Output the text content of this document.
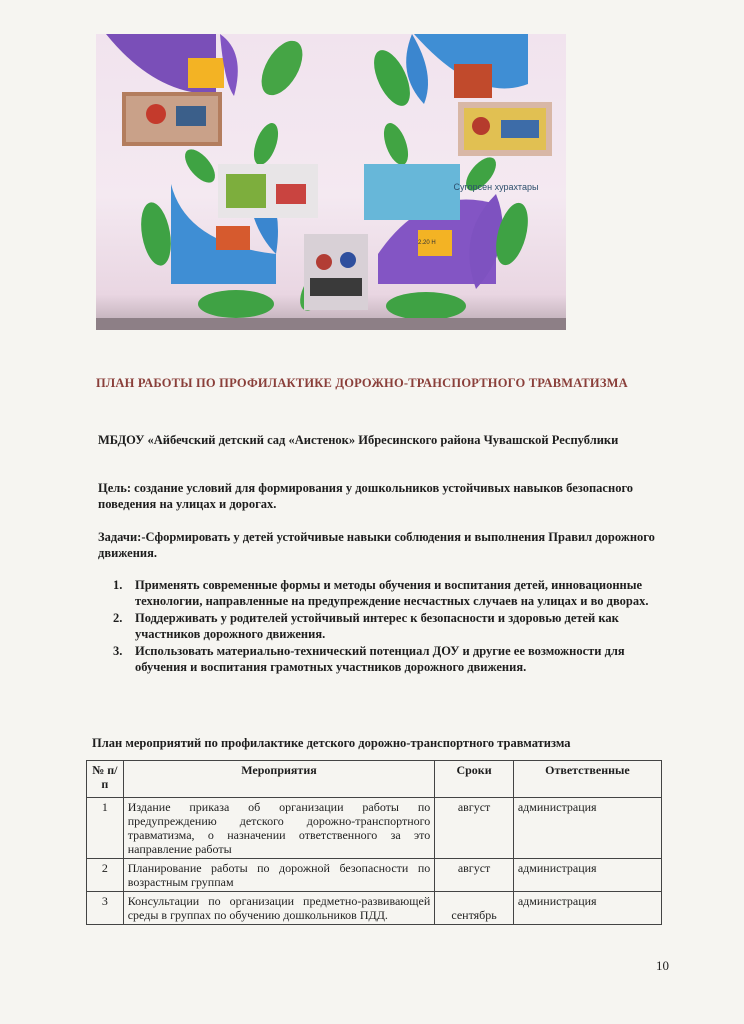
Сугорсен хурахтары
2.20 Н
ПЛАН РАБОТЫ ПО ПРОФИЛАКТИКЕ ДОРОЖНО-ТРАНСПОРТНОГО ТРАВМАТИЗМА
МБДОУ «Айбечский детский сад «Аистенок» Ибресинского района Чувашской Республики
Цель: создание условий для формирования у дошкольников устойчивых навыков безопасного поведения на улицах и дорогах.
Задачи:-Сформировать у детей устойчивые навыки соблюдения и выполнения Правил дорожного движения.
1.	Применять современные формы и методы обучения и воспитания детей, инновационные технологии, направленные на предупреждение несчастных случаев на улицах и во дворах.
2.	Поддерживать у родителей устойчивый интерес к безопасности и здоровью детей как участников дорожного движения.
3.	Использовать материально-технический потенциал ДОУ и другие ее возможности для обучения и воспитания грамотных участников дорожного движения.
План мероприятий по профилактике детского дорожно-транспортного травматизма
№ п/п	Мероприятия	Сроки	Ответственные
1	Издание приказа об организации работы по предупреждению детского дорожно-транспортного травматизма, о назначении ответственного за это направление работы	август	администрация
2	Планирование работы по дорожной безопасности по возрастным группам	август	администрация
3	Консультации по организации предметно-развивающей среды в группах по обучению дошкольников ПДД.	сентябрь	администрация
10
